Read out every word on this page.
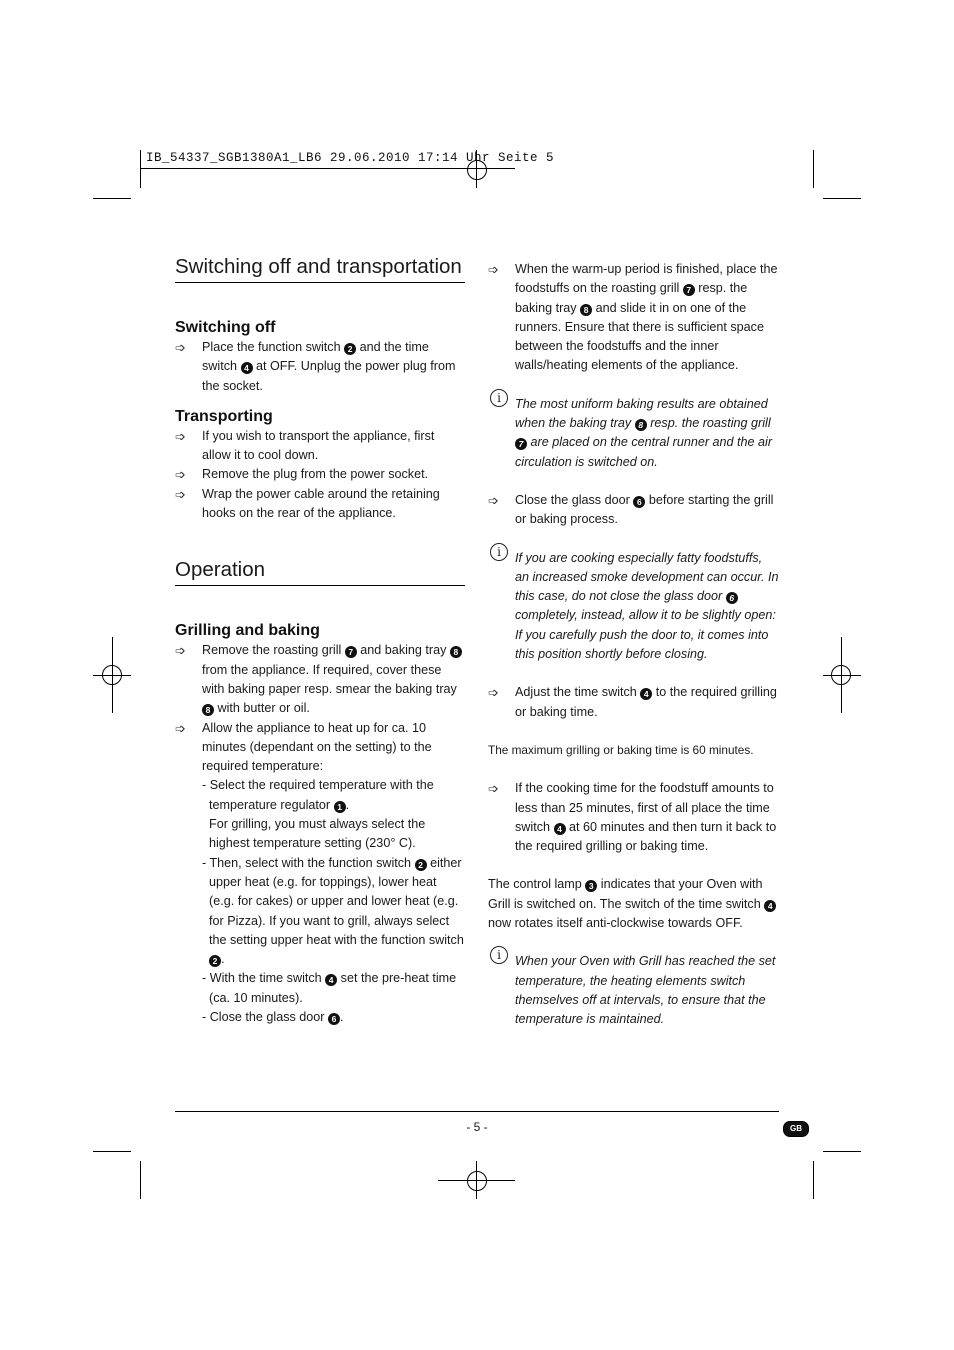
IB_54337_SGB1380A1_LB6 29.06.2010 17:14 Uhr Seite 5
Switching off and transportation
Switching off
➩ Place the function switch 2 and the time switch 4 at OFF. Unplug the power plug from the socket.
Transporting
➩ If you wish to transport the appliance, first allow it to cool down.
➩ Remove the plug from the power socket.
➩ Wrap the power cable around the retaining hooks on the rear of the appliance.
Operation
Grilling and baking
➩ Remove the roasting grill 7 and baking tray 8 from the appliance. If required, cover these with baking paper resp. smear the baking tray 8 with butter or oil.
➩ Allow the appliance to heat up for ca. 10 minutes (dependant on the setting) to the required temperature:
- Select the required temperature with the temperature regulator 1 .
For grilling, you must always select the highest temperature setting (230° C).
- Then, select with the function switch 2 either upper heat (e.g. for toppings), lower heat (e.g. for cakes) or upper and lower heat (e.g. for Pizza). If you want to grill, always select the setting upper heat with the function switch 2 .
- With the time switch 4 set the pre-heat time (ca. 10 minutes).
- Close the glass door 6 .
➩ When the warm-up period is finished, place the foodstuffs on the roasting grill 7 resp. the baking tray 8 and slide it in on one of the runners. Ensure that there is sufficient space between the foodstuffs and the inner walls/heating elements of the appliance.
i	The most uniform baking results are obtained when the baking tray 8 resp. the roasting grill 7 are placed on the central runner and the air circulation is switched on.
➩ Close the glass door 6 before starting the grill or baking process.
i	If you are cooking especially fatty foodstuffs, an increased smoke development can occur. In this case, do not close the glass door 6 completely, instead, allow it to be slightly open: If you carefully push the door to, it comes into this position shortly before closing.
➩ Adjust the time switch 4 to the required grilling or baking time.
The maximum grilling or baking time is 60 minutes.
➩ If the cooking time for the foodstuff amounts to less than 25 minutes, first of all place the time switch 4 at 60 minutes and then turn it back to the required grilling or baking time.
The control lamp 3 indicates that your Oven with Grill is switched on. The switch of the time switch 4 now rotates itself anti-clockwise towards OFF.
i	When your Oven with Grill has reached the set temperature, the heating elements switch themselves off at intervals, to ensure that the temperature is maintained.
- 5 -	GB
